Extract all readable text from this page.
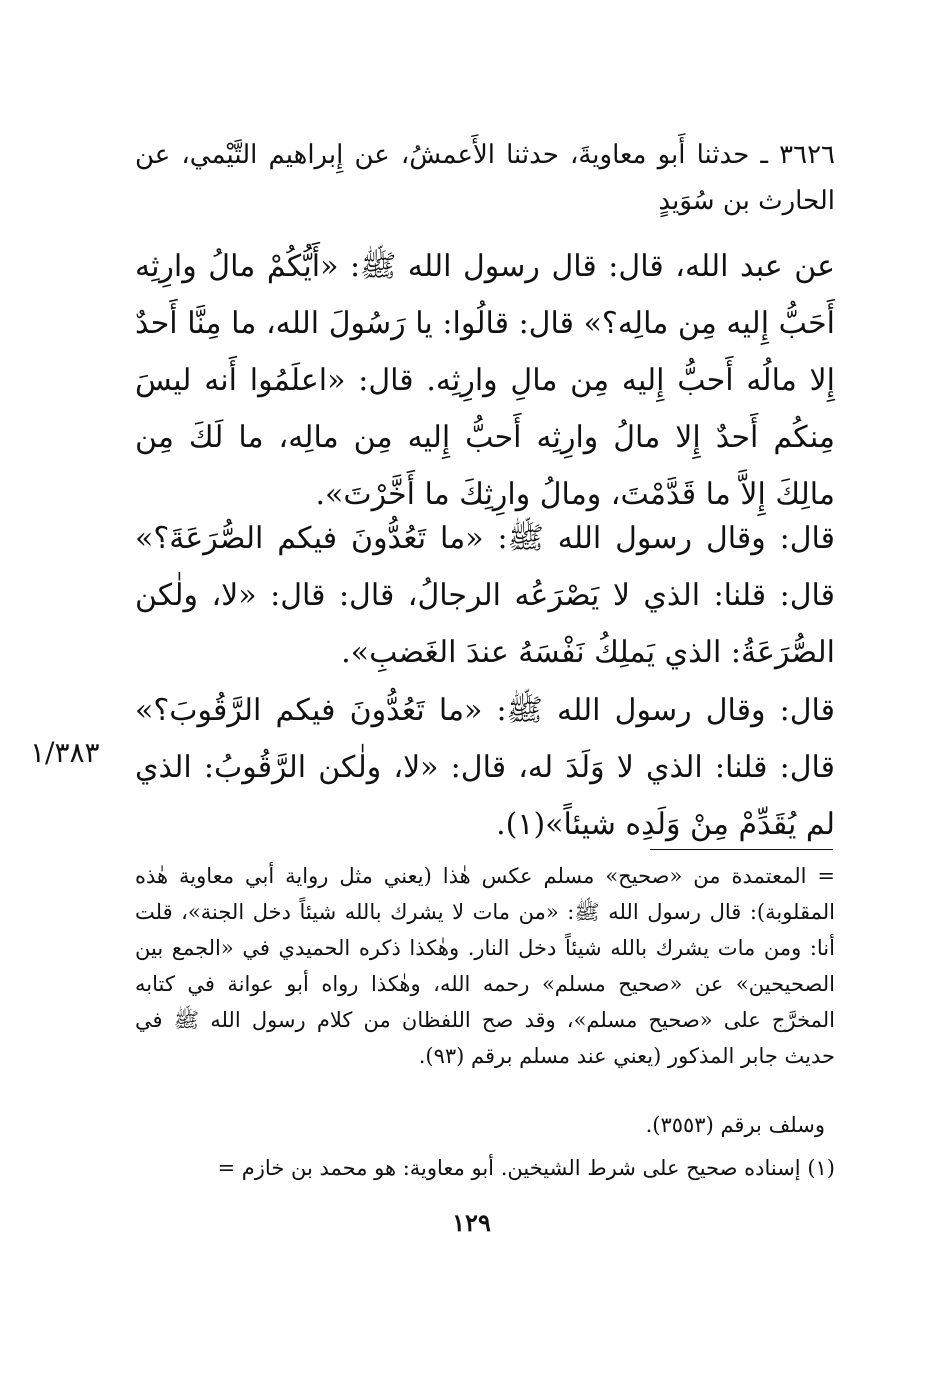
٣٦٢٦ ـ حدثنا أَبو معاويةَ، حدثنا الأَعمشُ، عن إِبراهيم التَّيْمي، عن الحارث بن سُوَيدٍ
عن عبد الله، قال: قال رسول الله ﷺ: «أَيُّكُمْ مالُ وارِثِه أَحَبُّ إِليه مِن مالِه؟» قال: قالُوا: يا رَسُولَ الله، ما مِنَّا أَحدٌ إِلا مالُه أَحبُّ إِليه مِن مالِ وارِثِه. قال: «اعلَمُوا أَنه ليسَ مِنكُم أَحدٌ إِلا مالُ وارِثِه أَحبُّ إِليه مِن مالِه، ما لَكَ مِن مالِكَ إِلاَّ ما قَدَّمْتَ، ومالُ وارِثِكَ ما أَخَّرْتَ».
قال: وقال رسول الله ﷺ: «ما تَعُدُّونَ فيكم الصُّرَعَةَ؟» قال: قلنا: الذي لا يَصْرَعُه الرجالُ، قال: قال: «لا، ولٰكن الصُّرَعَةُ: الذي يَملِكُ نَفْسَهُ عندَ الغَضبِ».
قال: وقال رسول الله ﷺ: «ما تَعُدُّونَ فيكم الرَّقُوبَ؟» قال: قلنا: الذي لا وَلَدَ له، قال: «لا، ولٰكن الرَّقُوبُ: الذي لم يُقَدِّمْ مِنْ وَلَدِه شيئاً»(١).
١/٣٨٣
= المعتمدة من «صحيح» مسلم عكس هٰذا (يعني مثل رواية أبي معاوية هٰذه المقلوبة): قال رسول الله ﷺ: «من مات لا يشرك بالله شيئاً دخل الجنة»، قلت أنا: ومن مات يشرك بالله شيئاً دخل النار. وهٰكذا ذكره الحميدي في «الجمع بين الصحيحين» عن «صحيح مسلم» رحمه الله، وهٰكذا رواه أبو عوانة في كتابه المخرَّج على «صحيح مسلم»، وقد صح اللفظان من كلام رسول الله ﷺ في حديث جابر المذكور (يعني عند مسلم برقم (٩٣).
وسلف برقم (٣٥٥٣).
(١) إسناده صحيح على شرط الشيخين. أبو معاوية: هو محمد بن خازم =
١٢٩
